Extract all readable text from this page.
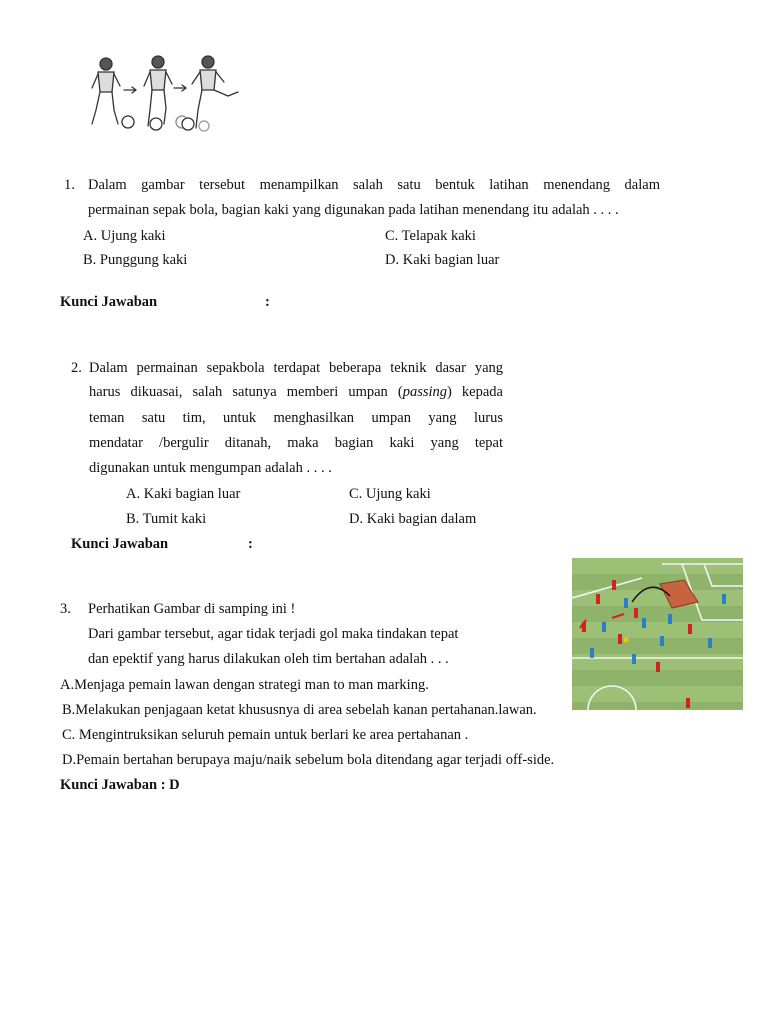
1. Dalam gambar tersebut menampilkan salah satu bentuk latihan menendang dalam
permainan sepak bola, bagian kaki yang digunakan pada latihan menendang itu adalah . . . .
A. Ujung kaki
B. Punggung kaki
C. Telapak kaki
D. Kaki bagian luar
Kunci Jawaban	:
2. Dalam permainan sepakbola terdapat beberapa teknik dasar yang
harus dikuasai, salah satunya memberi umpan (passing) kepada
teman satu tim, untuk menghasilkan umpan yang lurus
mendatar /bergulir ditanah, maka bagian kaki yang tepat
digunakan untuk mengumpan adalah . . . .
A. Kaki bagian luar
B. Tumit kaki
C. Ujung kaki
D. Kaki bagian dalam
Kunci Jawaban	:
3. Perhatikan Gambar di samping ini !
Dari gambar tersebut, agar tidak terjadi gol maka tindakan tepat
dan epektif yang harus dilakukan oleh tim bertahan adalah . . .
A.Menjaga pemain lawan dengan strategi man to man marking.
B.Melakukan penjagaan ketat khususnya di area sebelah kanan pertahanan.lawan.
C. Mengintruksikan seluruh pemain untuk berlari ke area pertahanan .
D.Pemain bertahan berupaya maju/naik sebelum bola ditendang agar terjadi off-side.
Kunci Jawaban : D
